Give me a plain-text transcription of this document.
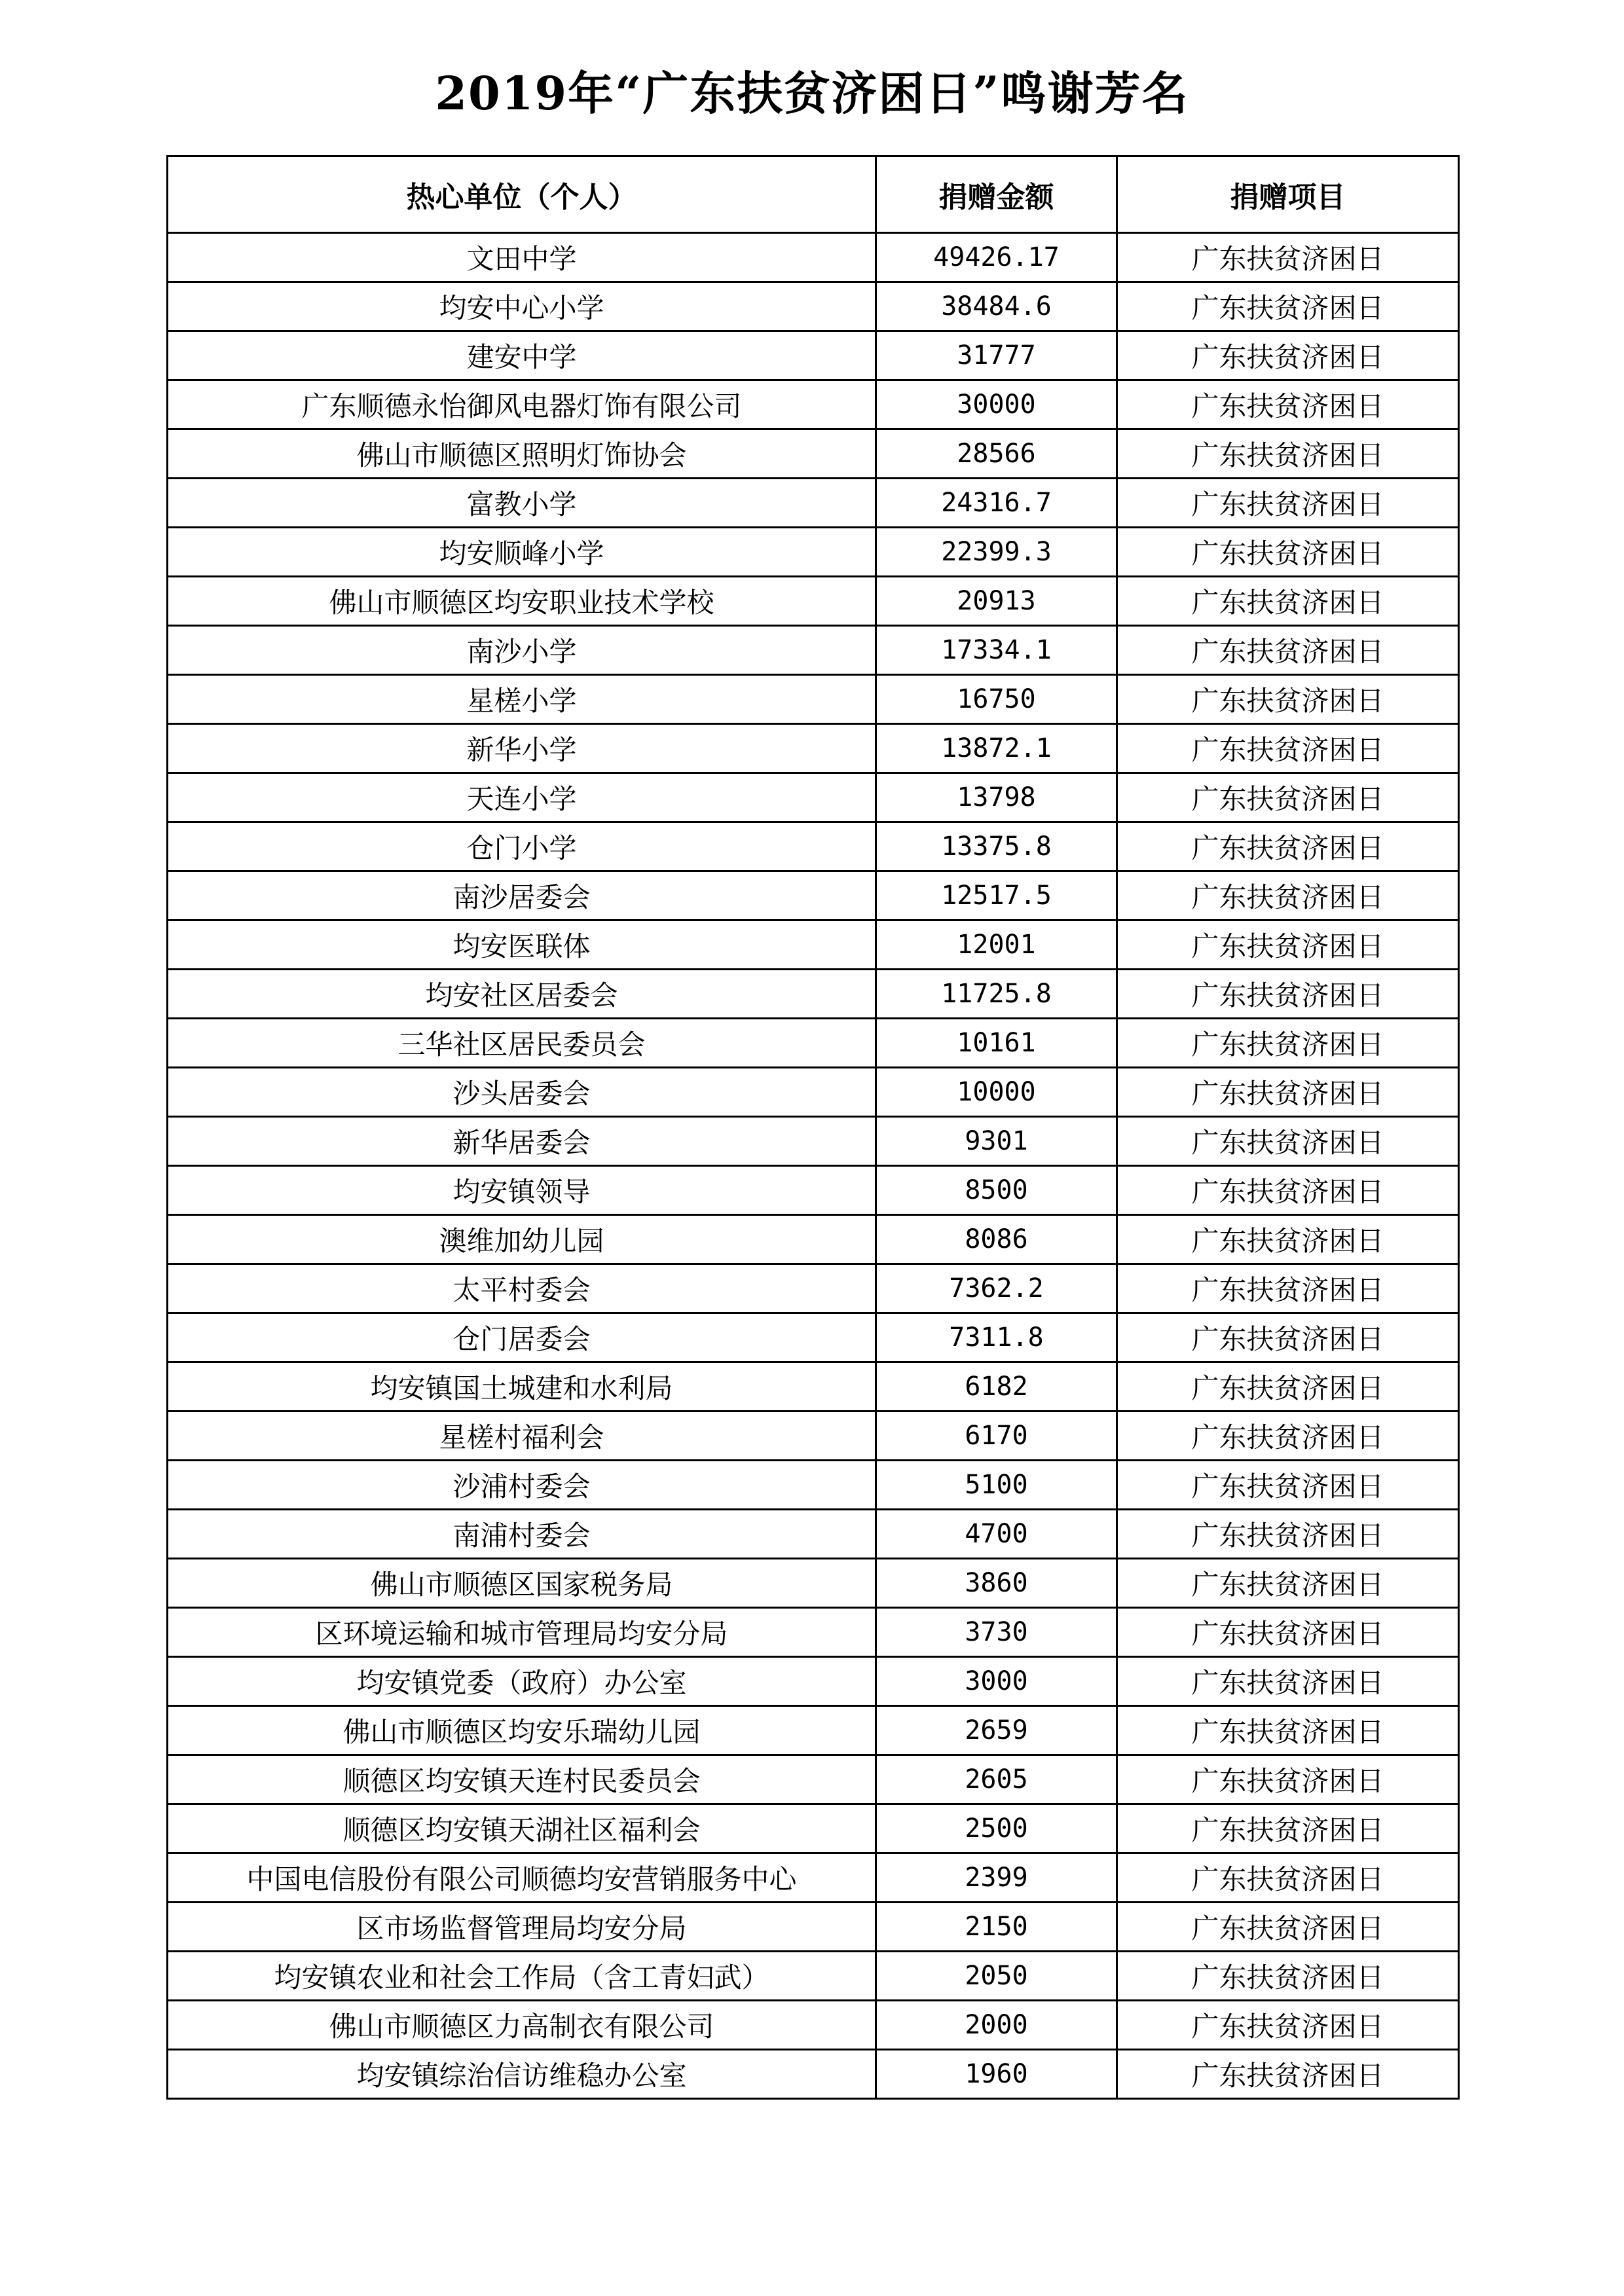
2019年“广东扶贫济困日”鸣谢芳名
热心单位（个人）	捐赠金额	捐赠项目
文田中学	49426.17	广东扶贫济困日
均安中心小学	38484.6	广东扶贫济困日
建安中学	31777	广东扶贫济困日
广东顺德永怡御风电器灯饰有限公司	30000	广东扶贫济困日
佛山市顺德区照明灯饰协会	28566	广东扶贫济困日
富教小学	24316.7	广东扶贫济困日
均安顺峰小学	22399.3	广东扶贫济困日
佛山市顺德区均安职业技术学校	20913	广东扶贫济困日
南沙小学	17334.1	广东扶贫济困日
星槎小学	16750	广东扶贫济困日
新华小学	13872.1	广东扶贫济困日
天连小学	13798	广东扶贫济困日
仓门小学	13375.8	广东扶贫济困日
南沙居委会	12517.5	广东扶贫济困日
均安医联体	12001	广东扶贫济困日
均安社区居委会	11725.8	广东扶贫济困日
三华社区居民委员会	10161	广东扶贫济困日
沙头居委会	10000	广东扶贫济困日
新华居委会	9301	广东扶贫济困日
均安镇领导	8500	广东扶贫济困日
澳维加幼儿园	8086	广东扶贫济困日
太平村委会	7362.2	广东扶贫济困日
仓门居委会	7311.8	广东扶贫济困日
均安镇国土城建和水利局	6182	广东扶贫济困日
星槎村福利会	6170	广东扶贫济困日
沙浦村委会	5100	广东扶贫济困日
南浦村委会	4700	广东扶贫济困日
佛山市顺德区国家税务局	3860	广东扶贫济困日
区环境运输和城市管理局均安分局	3730	广东扶贫济困日
均安镇党委（政府）办公室	3000	广东扶贫济困日
佛山市顺德区均安乐瑞幼儿园	2659	广东扶贫济困日
顺德区均安镇天连村民委员会	2605	广东扶贫济困日
顺德区均安镇天湖社区福利会	2500	广东扶贫济困日
中国电信股份有限公司顺德均安营销服务中心	2399	广东扶贫济困日
区市场监督管理局均安分局	2150	广东扶贫济困日
均安镇农业和社会工作局（含工青妇武）	2050	广东扶贫济困日
佛山市顺德区力高制衣有限公司	2000	广东扶贫济困日
均安镇综治信访维稳办公室	1960	广东扶贫济困日
